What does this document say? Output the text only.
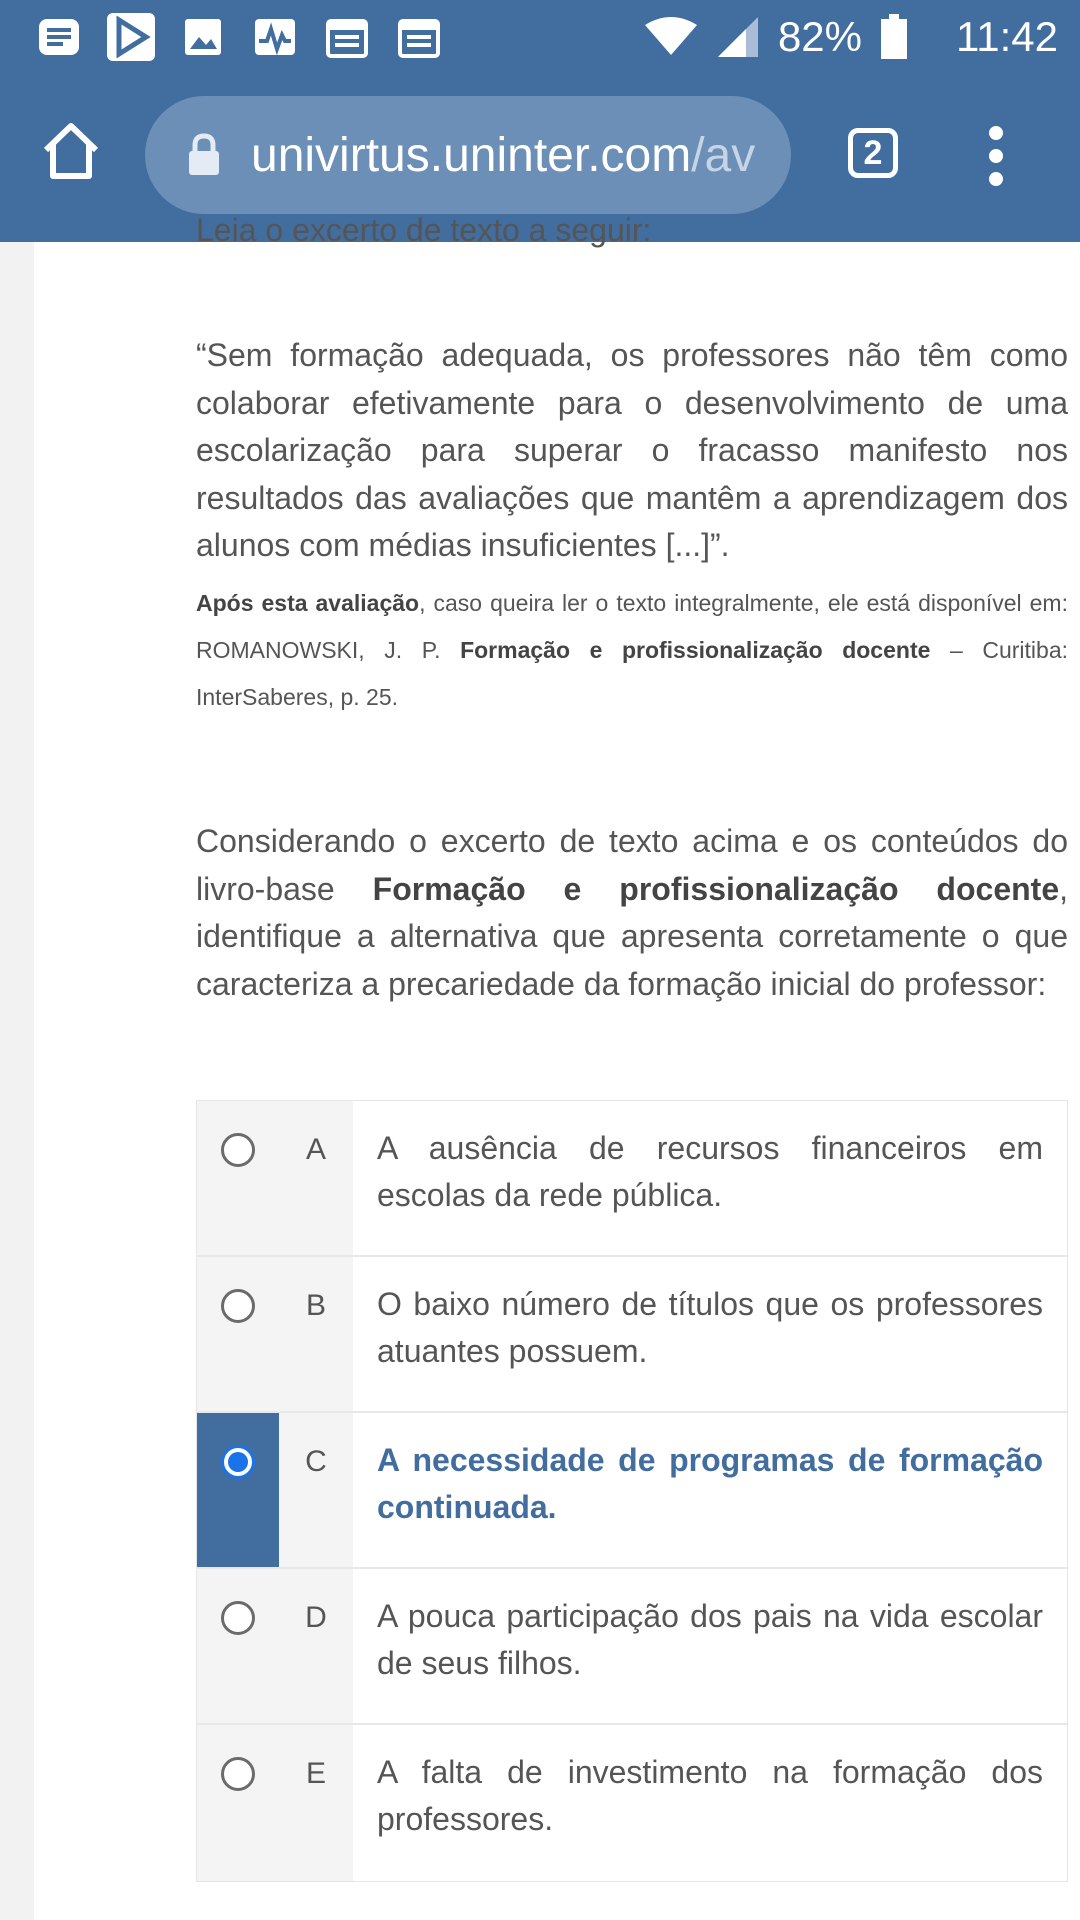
82% 11:42
univirtus.uninter.com/av	2
Leia o excerto de texto a seguir:
“Sem formação adequada, os professores não têm como colaborar efetivamente para o desenvolvimento de uma escolarização para superar o fracasso manifesto nos resultados das avaliações que mantêm a aprendizagem dos alunos com médias insuficientes [...]”.
Após esta avaliação, caso queira ler o texto integralmente, ele está disponível em: ROMANOWSKI, J. P. Formação e profissionalização docente – Curitiba: InterSaberes, p. 25.
Considerando o excerto de texto acima e os conteúdos do livro-base Formação e profissionalização docente, identifique a alternativa que apresenta corretamente o que caracteriza a precariedade da formação inicial do professor:
A	A ausência de recursos financeiros em escolas da rede pública.
B	O baixo número de títulos que os professores atuantes possuem.
C	A necessidade de programas de formação continuada.
D	A pouca participação dos pais na vida escolar de seus filhos.
E	A falta de investimento na formação dos professores.
